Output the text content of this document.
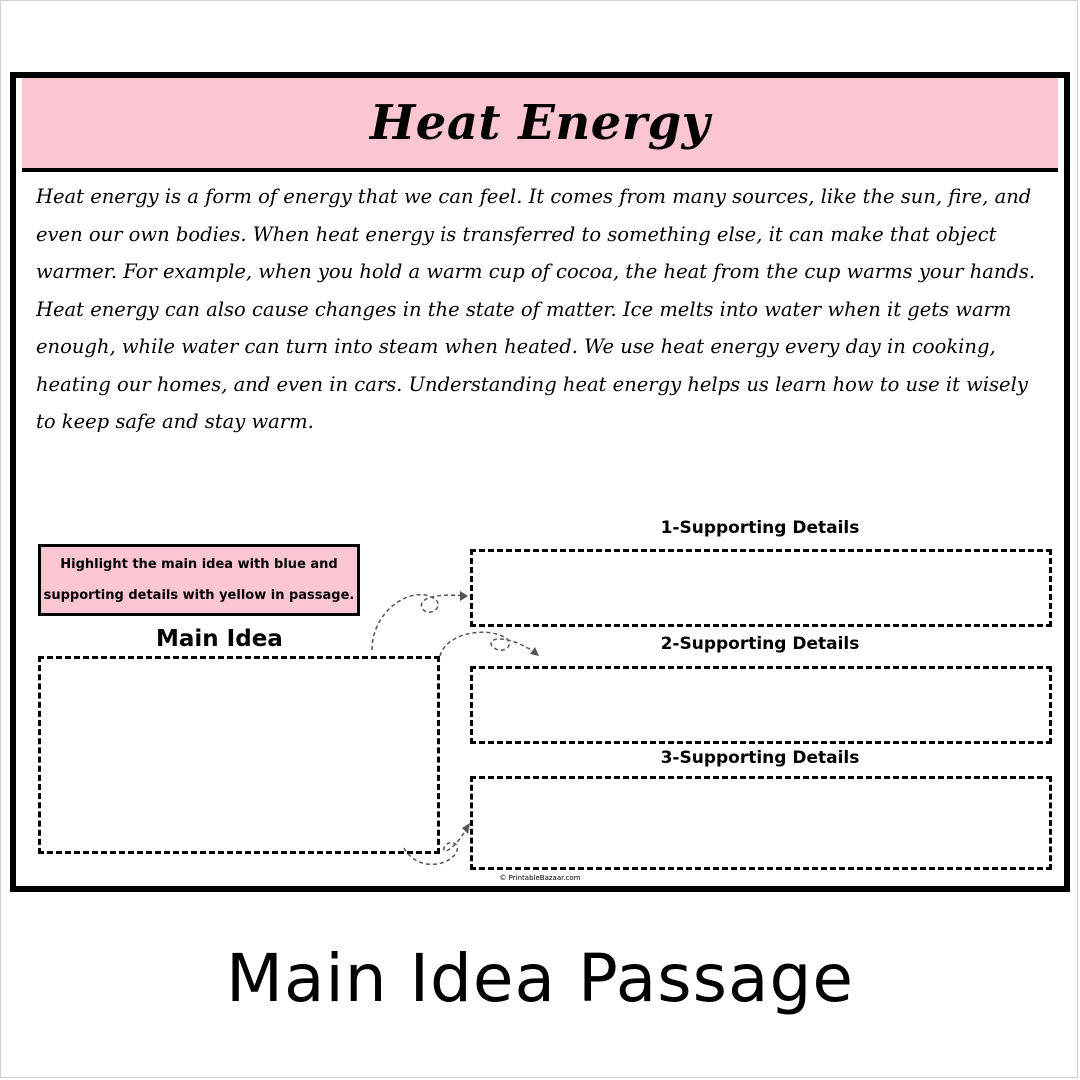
Heat Energy
Heat energy is a form of energy that we can feel. It comes from many sources, like the sun, fire, and even our own bodies. When heat energy is transferred to something else, it can make that object warmer. For example, when you hold a warm cup of cocoa, the heat from the cup warms your hands. Heat energy can also cause changes in the state of matter. Ice melts into water when it gets warm enough, while water can turn into steam when heated. We use heat energy every day in cooking, heating our homes, and even in cars. Understanding heat energy helps us learn how to use it wisely to keep safe and stay warm.
Highlight the main idea with blue and
supporting details with yellow in passage.
Main Idea
1-Supporting Details
2-Supporting Details
3-Supporting Details
© PrintableBazaar.com
Main Idea Passage
